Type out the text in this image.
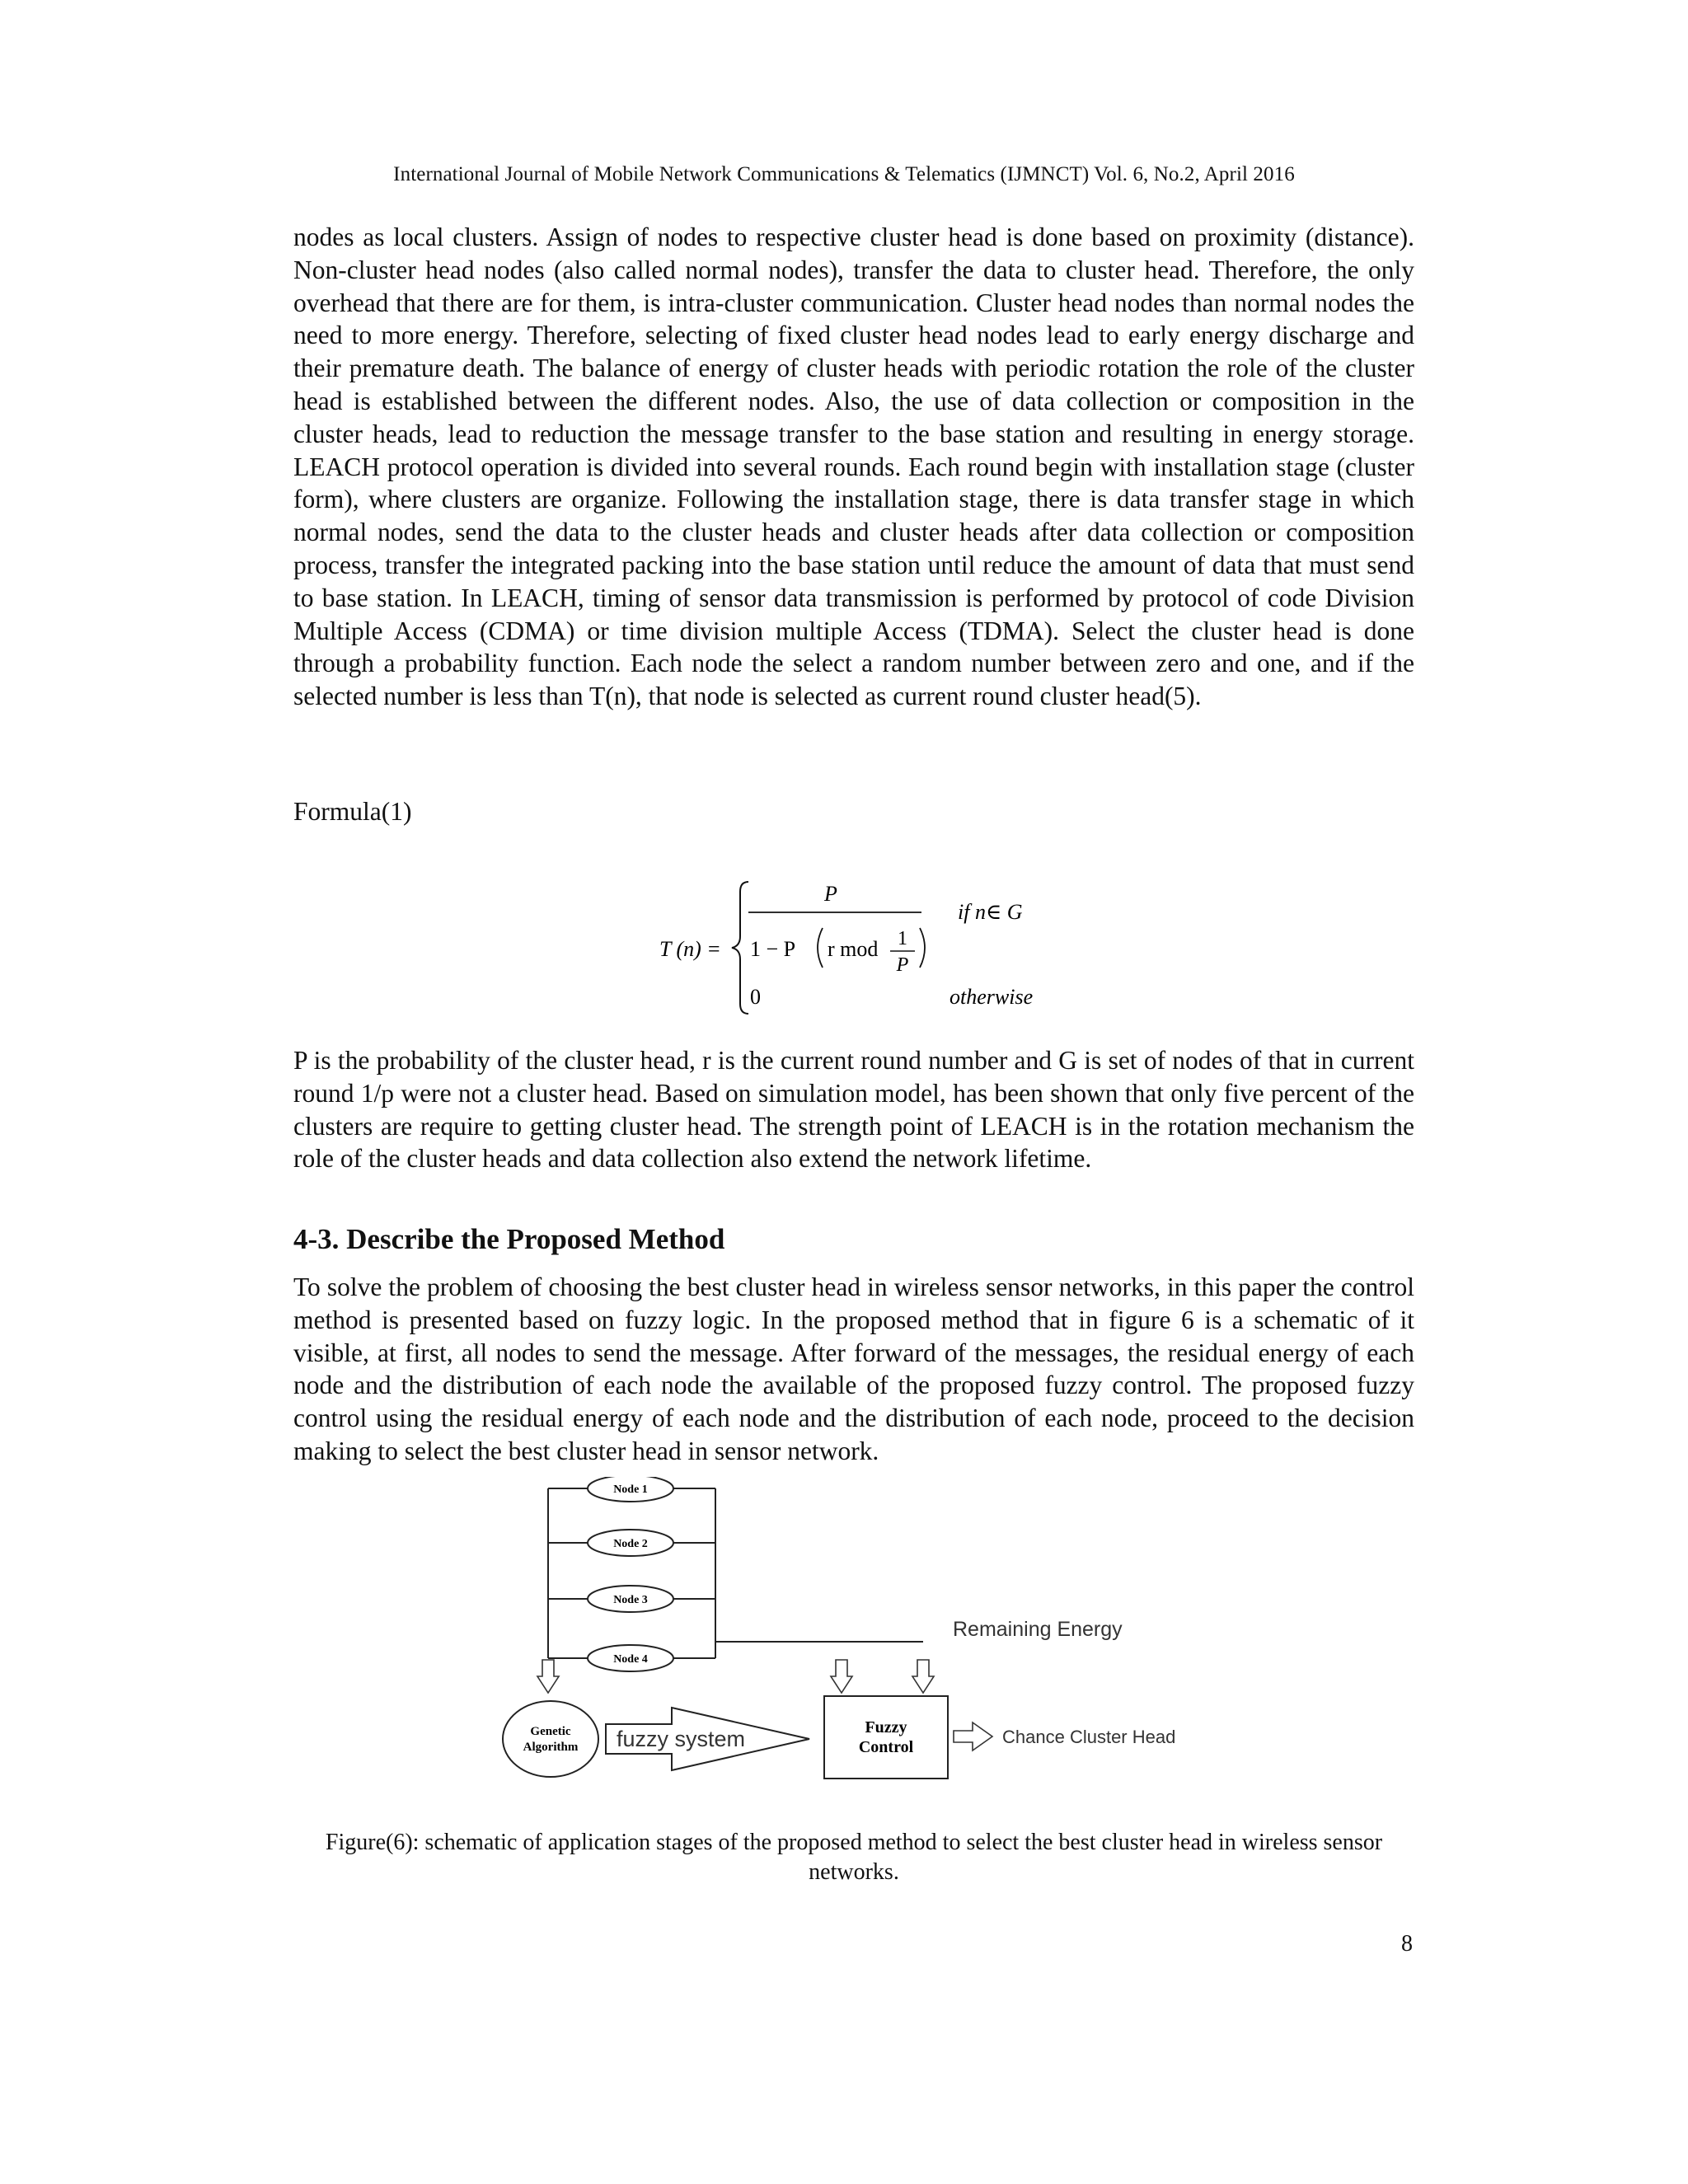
International Journal of Mobile Network Communications & Telematics (IJMNCT) Vol. 6, No.2, April 2016

nodes as local clusters. Assign of nodes to respective cluster head is done based on proximity (distance). Non-cluster head nodes (also called normal nodes), transfer the data to cluster head. Therefore, the only overhead that there are for them, is intra-cluster communication. Cluster head nodes than normal nodes the need to more energy. Therefore, selecting of fixed cluster head nodes lead to early energy discharge and their premature death. The balance of energy of cluster heads with periodic rotation the role of the cluster head is established between the different nodes. Also, the use of data collection or composition in the cluster heads, lead to reduction the message transfer to the base station and resulting in energy storage. LEACH protocol operation is divided into several rounds. Each round begin with installation stage (cluster form), where clusters are organize. Following the installation stage, there is data transfer stage in which normal nodes, send the data to the cluster heads and cluster heads after data collection or composition process, transfer the integrated packing into the base station until reduce the amount of data that must send to base station. In LEACH, timing of sensor data transmission is performed by protocol of code Division Multiple Access (CDMA) or time division multiple Access (TDMA). Select the cluster head is done through a probability function. Each node the select a random number between zero and one, and if the selected number is less than T(n), that node is selected as current round cluster head(5).

Formula(1)
T (n) =
P
1 − P r mod 1
P
if n∈ G
0	otherwise

P is the probability of the cluster head, r is the current round number and G is set of nodes of that in current round 1/p were not a cluster head. Based on simulation model, has been shown that only five percent of the clusters are require to getting cluster head. The strength point of LEACH is in the rotation mechanism the role of the cluster heads and data collection also extend the network lifetime.

4-3. Describe the Proposed Method

To solve the problem of choosing the best cluster head in wireless sensor networks, in this paper the control method is presented based on fuzzy logic. In the proposed method that in figure 6 is a schematic of it visible, at first, all nodes to send the message. After forward of the messages, the residual energy of each node and the distribution of each node the available of the proposed fuzzy control. The proposed fuzzy control using the residual energy of each node and the distribution of each node, proceed to the decision making to select the best cluster head in sensor network.

Node 1
Node 2
Node 3
Node 4
Remaining Energy
Genetic
Algorithm fuzzy system	Fuzzy
Control	Chance Cluster Head
Figure(6): schematic of application stages of the proposed method to select the best cluster head in wireless sensor networks.
8
